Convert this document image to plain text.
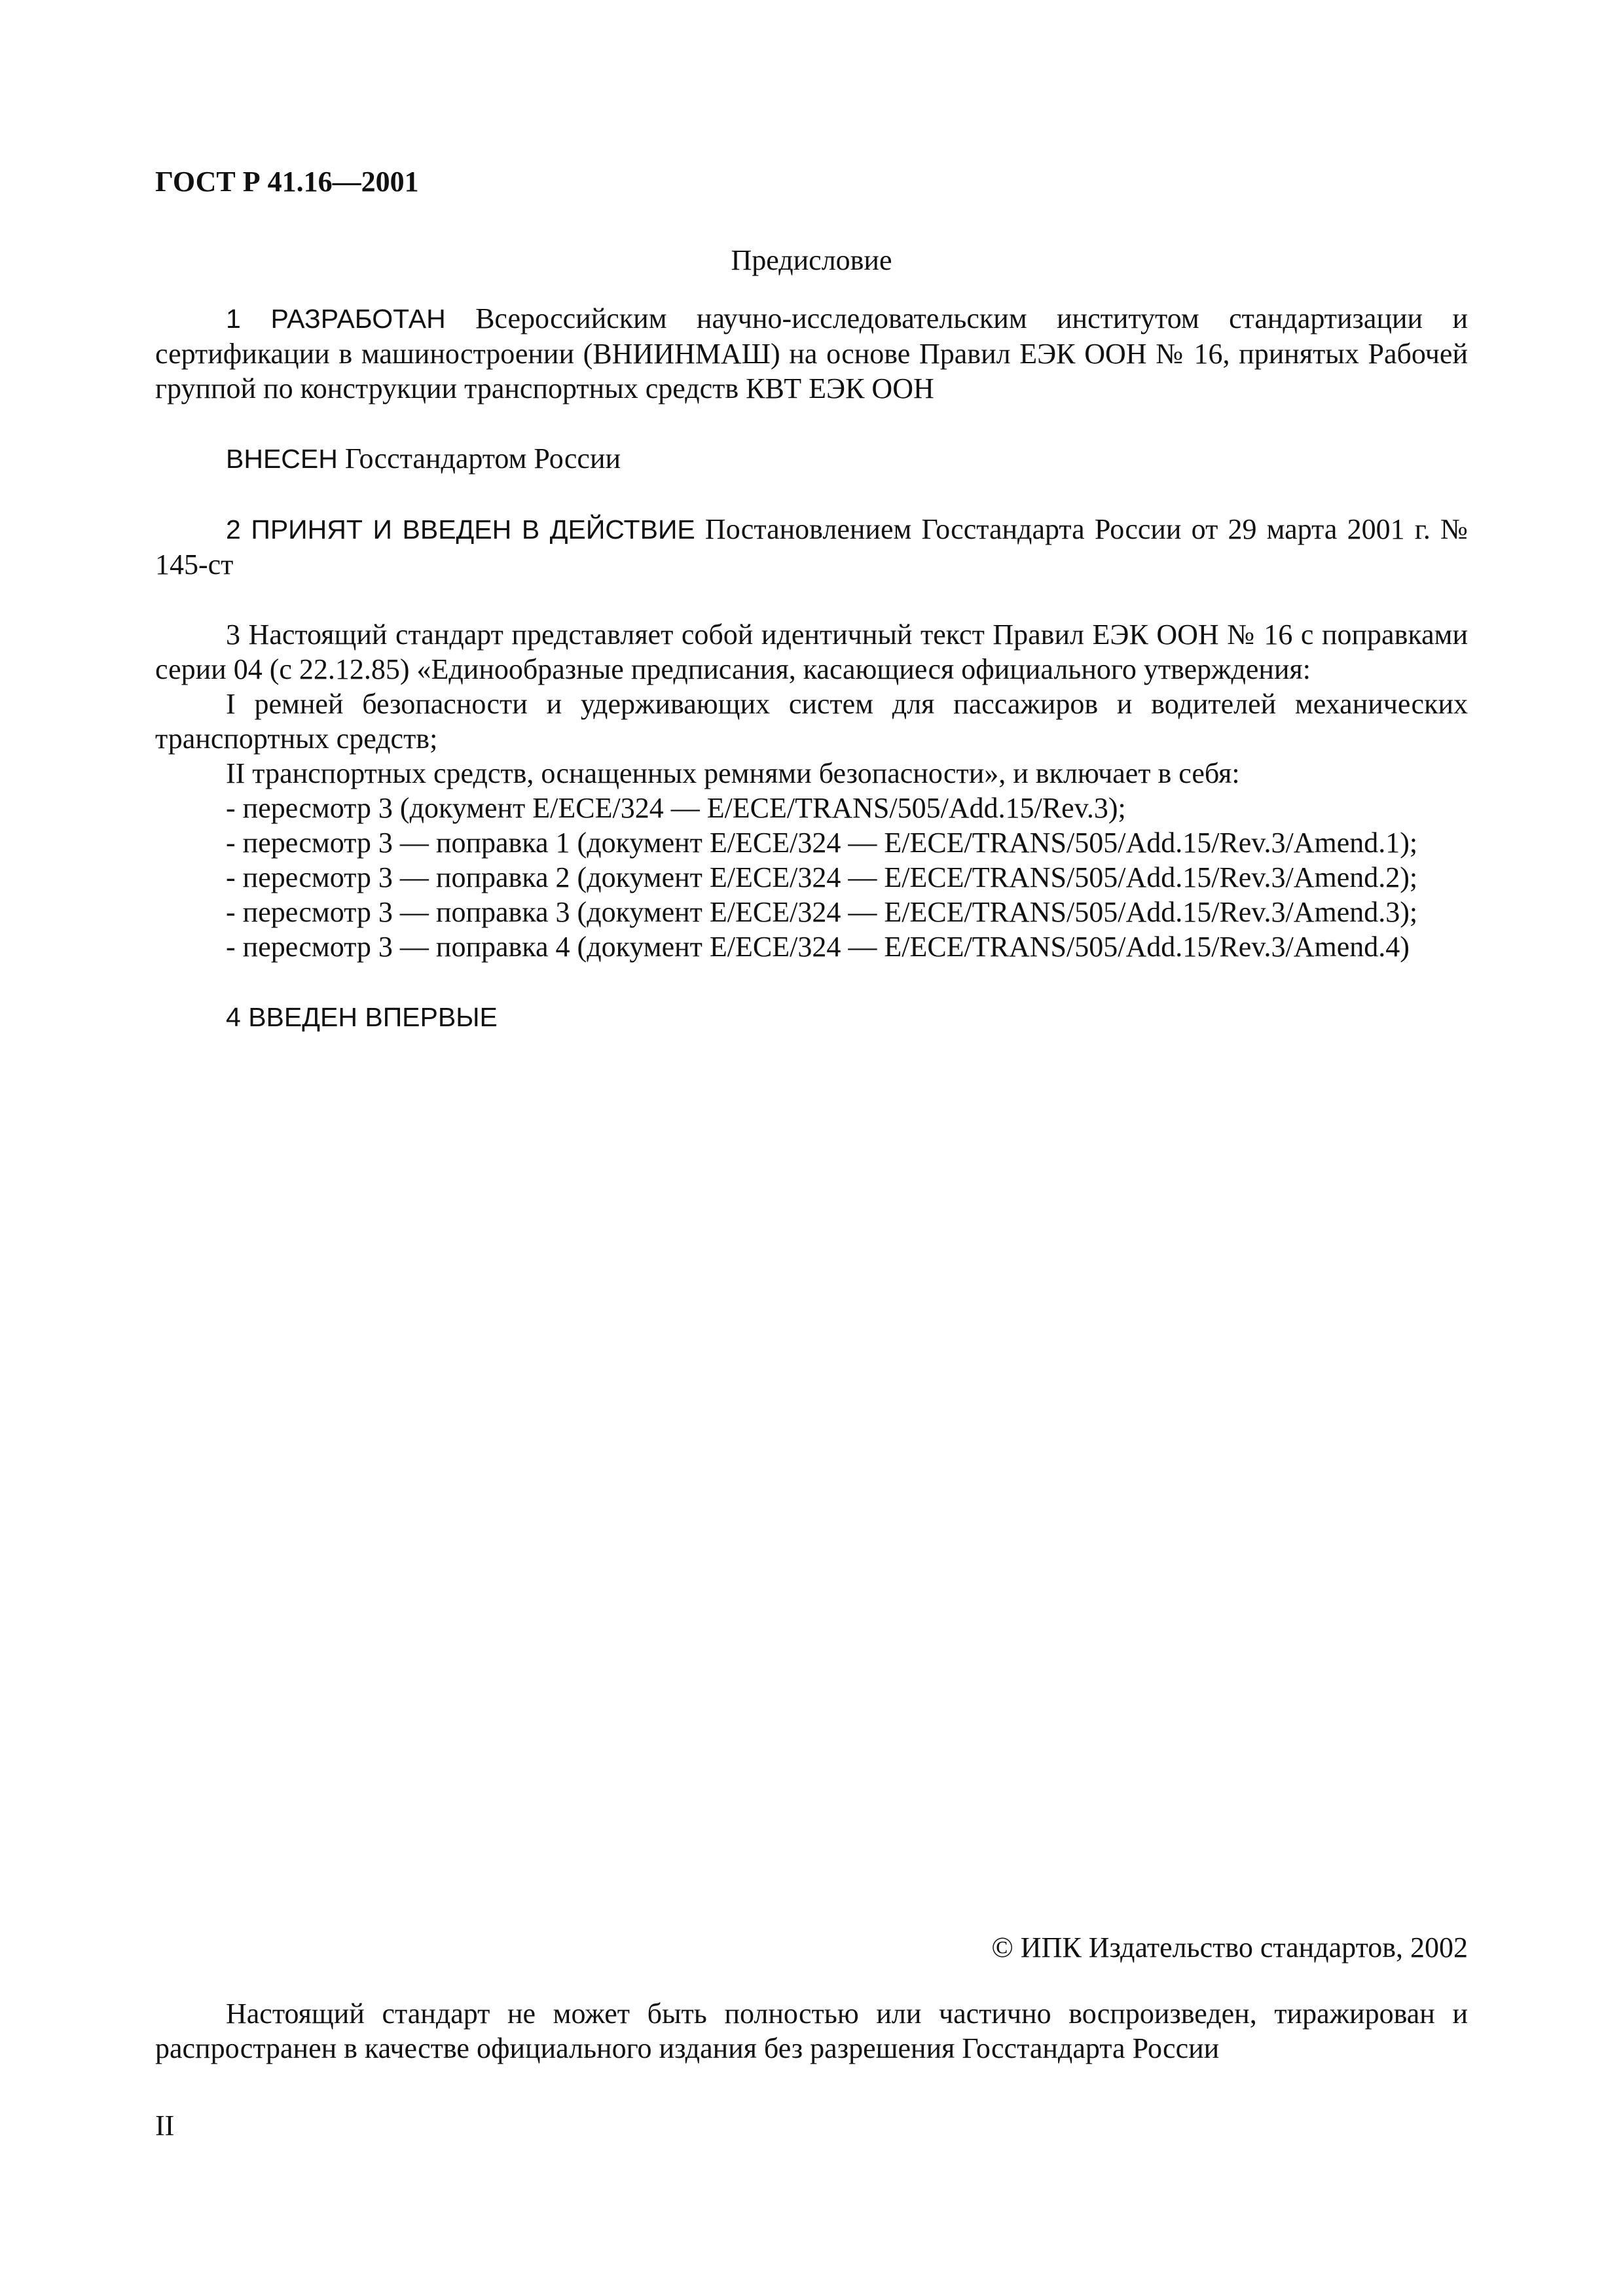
ГОСТ Р 41.16—2001
Предисловие

1 РАЗРАБОТАН Всероссийским научно-исследовательским институтом стандартизации и сертификации в машиностроении (ВНИИНМАШ) на основе Правил ЕЭК ООН № 16, принятых Рабочей группой по конструкции транспортных средств КВТ ЕЭК ООН

ВНЕСЕН Госстандартом России

2 ПРИНЯТ И ВВЕДЕН В ДЕЙСТВИЕ Постановлением Госстандарта России от 29 марта 2001 г. № 145-ст

3 Настоящий стандарт представляет собой идентичный текст Правил ЕЭК ООН № 16 с поправками серии 04 (с 22.12.85) «Единообразные предписания, касающиеся официального утверждения:

I ремней безопасности и удерживающих систем для пассажиров и водителей механических транспортных средств;

II транспортных средств, оснащенных ремнями безопасности», и включает в себя:

- пересмотр 3 (документ E/ECE/324 — E/ECE/TRANS/505/Add.15/Rev.3);

- пересмотр 3 — поправка 1 (документ E/ECE/324 — E/ECE/TRANS/505/Add.15/Rev.3/Amend.1);

- пересмотр 3 — поправка 2 (документ E/ECE/324 — E/ECE/TRANS/505/Add.15/Rev.3/Amend.2);

- пересмотр 3 — поправка 3 (документ E/ECE/324 — E/ECE/TRANS/505/Add.15/Rev.3/Amend.3);

- пересмотр 3 — поправка 4 (документ E/ECE/324 — E/ECE/TRANS/505/Add.15/Rev.3/Amend.4)

4 ВВЕДЕН ВПЕРВЫЕ

© ИПК Издательство стандартов, 2002

Настоящий стандарт не может быть полностью или частично воспроизведен, тиражирован и распространен в качестве официального издания без разрешения Госстандарта России

II
